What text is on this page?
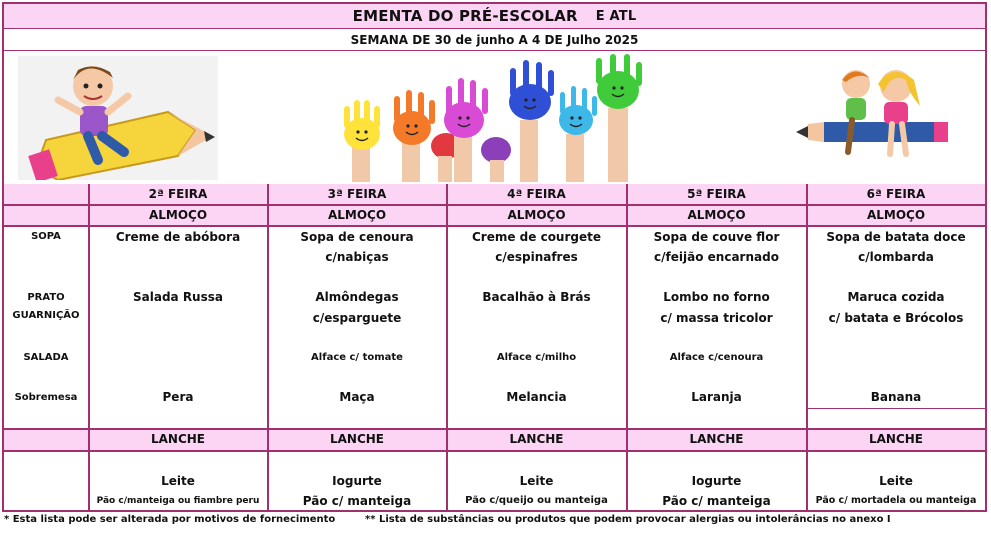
EMENTA DO PRÉ-ESCOLAR E ATL
SEMANA DE 30 de junho A 4 DE Julho 2025
SOPA
PRATO
GUARNIÇÃO
SALADA
Sobremesa
2ª FEIRA
ALMOÇO
Creme de abóbora
Salada Russa
Pera
LANCHE
Leite
Pão c/manteiga ou fiambre peru
3ª FEIRA
ALMOÇO
Sopa de cenoura
c/nabiças
Almôndegas
c/esparguete
Alface c/ tomate
Maça
LANCHE
Iogurte
Pão c/ manteiga
4ª FEIRA
ALMOÇO
Creme de courgete
c/espinafres
Bacalhão à Brás
Alface c/milho
Melancia
LANCHE
Leite
Pão c/queijo ou manteiga
5ª FEIRA
ALMOÇO
Sopa de couve flor
c/feijão encarnado
Lombo no forno
c/ massa tricolor
Alface c/cenoura
Laranja
LANCHE
Iogurte
Pão c/ manteiga
6ª FEIRA
ALMOÇO
Sopa de batata doce
c/lombarda
Maruca cozida
c/ batata e Brócolos
Banana
LANCHE
Leite
Pão c/ mortadela ou manteiga
* Esta lista pode ser alterada por motivos de fornecimento	** Lista de substâncias ou produtos que podem provocar alergias ou intolerâncias no anexo I
